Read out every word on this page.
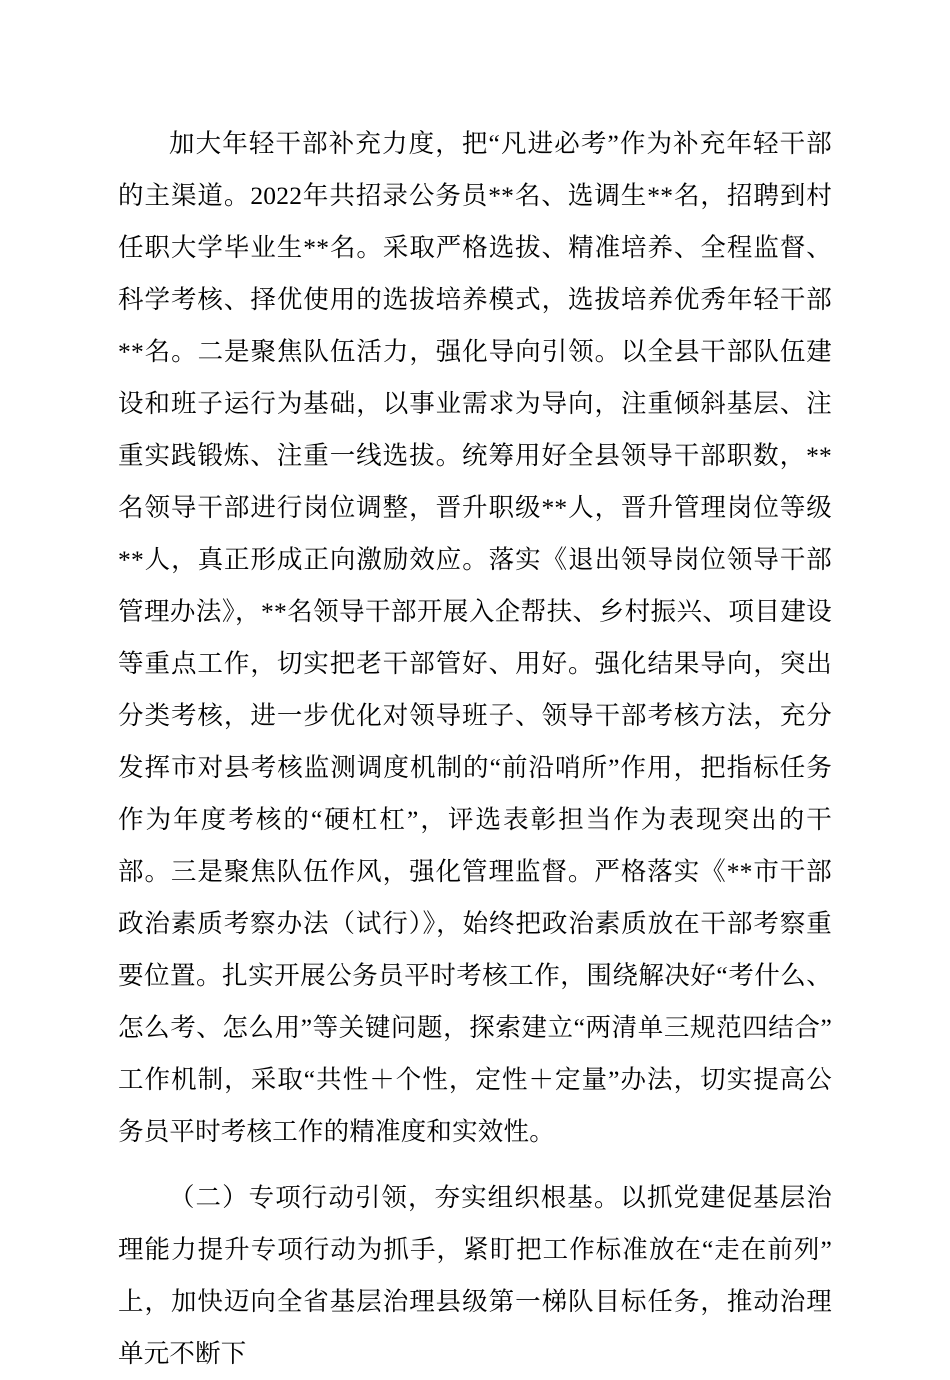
加大年轻干部补充力度，把“凡进必考”作为补充年轻干部的主渠道。2022年共招录公务员**名、选调生**名，招聘到村任职大学毕业生**名。采取严格选拔、精准培养、全程监督、科学考核、择优使用的选拔培养模式，选拔培养优秀年轻干部**名。二是聚焦队伍活力，强化导向引领。以全县干部队伍建设和班子运行为基础，以事业需求为导向，注重倾斜基层、注重实践锻炼、注重一线选拔。统筹用好全县领导干部职数，**名领导干部进行岗位调整，晋升职级**人，晋升管理岗位等级**人，真正形成正向激励效应。落实《退出领导岗位领导干部管理办法》，**名领导干部开展入企帮扶、乡村振兴、项目建设等重点工作，切实把老干部管好、用好。强化结果导向，突出分类考核，进一步优化对领导班子、领导干部考核方法，充分发挥市对县考核监测调度机制的“前沿哨所”作用，把指标任务作为年度考核的“硬杠杠”，评选表彰担当作为表现突出的干部。三是聚焦队伍作风，强化管理监督。严格落实《**市干部政治素质考察办法（试行）》，始终把政治素质放在干部考察重要位置。扎实开展公务员平时考核工作，围绕解决好“考什么、怎么考、怎么用”等关键问题，探索建立“两清单三规范四结合”工作机制，采取“共性＋个性，定性＋定量”办法，切实提高公务员平时考核工作的精准度和实效性。

（二）专项行动引领，夯实组织根基。以抓党建促基层治理能力提升专项行动为抓手，紧盯把工作标准放在“走在前列”上，加快迈向全省基层治理县级第一梯队目标任务，推动治理单元不断下
